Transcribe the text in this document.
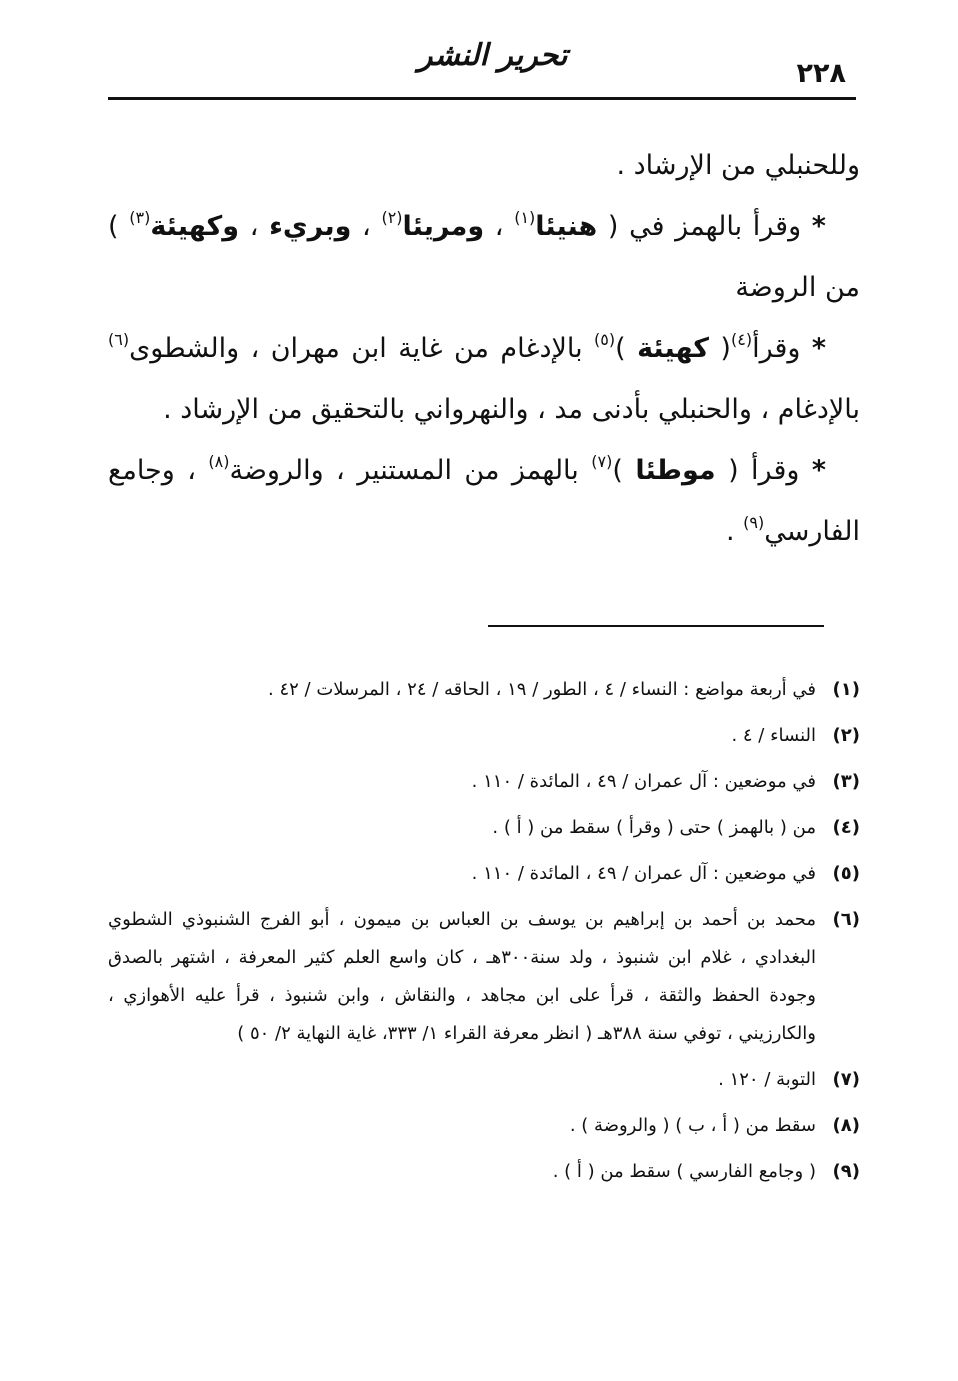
٢٢٨
تحرير النشر

وللحنبلي من الإرشاد .

* وقرأ بالهمز في ( هنيئا$^{(١)}$ ، ومريئا$^{(٢)}$ ، وبريء ، وكهيئة$^{(٣)}$ ) من الروضة

* وقرأ$^{(٤)}$( كهيئة )$^{(٥)}$ بالإدغام من غاية ابن مهران ، والشطوى$^{(٦)}$ بالإدغام ، والحنبلي بأدنى مد ، والنهرواني بالتحقيق من الإرشاد .

* وقرأ ( موطئا )$^{(٧)}$ بالهمز من المستنير ، والروضة$^{(٨)}$ ، وجامع الفارسي$^{(٩)}$ .

(١)
في أربعة مواضع : النساء / ٤ ، الطور / ١٩ ، الحاقه / ٢٤ ، المرسلات / ٤٢ .
(٢)
النساء / ٤ .
(٣)
في موضعين : آل عمران / ٤٩ ، المائدة / ١١٠ .
(٤)
من ( بالهمز ) حتى ( وقرأ ) سقط من ( أ ) .
(٥)
في موضعين : آل عمران / ٤٩ ، المائدة / ١١٠ .
(٦)
محمد بن أحمد بن إبراهيم بن يوسف بن العباس بن ميمون ، أبو الفرج الشنبوذي الشطوي البغدادي ، غلام ابن شنبوذ ، ولد سنة٣٠٠هـ ، كان واسع العلم كثير المعرفة ، اشتهر بالصدق وجودة الحفظ والثقة ، قرأ على ابن مجاهد ، والنقاش ، وابن شنبوذ ، قرأ عليه الأهوازي ، والكارزيني ، توفي سنة ٣٨٨هـ ( انظر معرفة القراء ١/ ٣٣٣، غاية النهاية ٢/ ٥٠ )
(٧)
التوبة / ١٢٠ .
(٨)
سقط من ( أ ، ب ) ( والروضة ) .
(٩)
( وجامع الفارسي ) سقط من ( أ ) .
